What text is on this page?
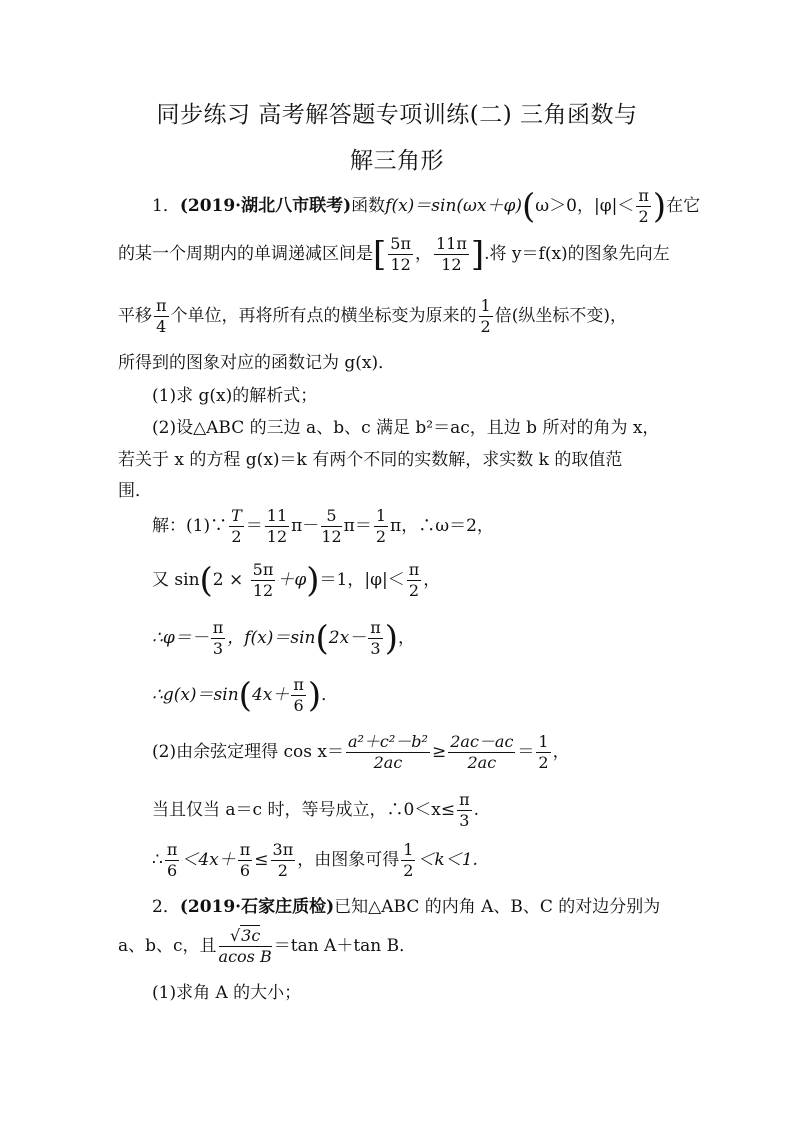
同步练习 高考解答题专项训练(二) 三角函数与
解三角形
1．(2019·湖北八市联考)函数f(x)＝sin(ωx＋φ)(ω＞0，$|\varphi|< \frac{\pi}{2}$ )在它
的某一个周期内的单调递减区间是[ $\frac{5\pi}{12}$ ， $\frac{11\pi}{12}$ ].将 y＝f(x)的图象先向左
平移 $\frac{\pi}{4}$ 个单位，再将所有点的横坐标变为原来的 $\frac{1}{2}$ 倍(纵坐标不变)，
所得到的图象对应的函数记为 g(x)．
(1)求 g(x)的解析式；
(2)设△ABC 的三边 a、b、c 满足 b²＝ac，且边 b 所对的角为 x，
若关于 x 的方程 g(x)＝k 有两个不同的实数解，求实数 k 的取值范
围．
解：(1)∵ $\frac{T}{2} = \frac{11}{12} \pi- \frac{5}{12} \pi= \frac{1}{2}$ π，∴ω＝2，
又 $\sin(2 \times \frac{5\pi}{12} +\varphi)=1$，$|\varphi|< \frac{\pi}{2}$ ，
∴φ＝－ $\frac{\pi}{3}$ ，$f(x)=\sin(2x- \frac{\pi}{3}$ )，
∴g(x)＝sin(4x＋ $\frac{\pi}{6}$ )．
(2)由余弦定理得 $\cos x= \frac{\text{a²＋c²－b²}}{2ac} \ge \frac{2ac-ac}{2ac} = \frac{1}{2}$ ，
当且仅当 a＝c 时，等号成立，∴0＜x≤ $\frac{\pi}{3}$ .
∴ $\frac{\pi}{6} <4x+ \frac{\pi}{6} \le \frac{3\pi}{2}$ ，由图象可得 $\frac{1}{2} <k<1$.
2．(2019·石家庄质检)已知△ABC 的内角 A、B、C 的对边分别为
a、b、c，且 $\frac{√3c}{\text{acos B}} =\tan$ A＋tan B．
(1)求角 A 的大小；
